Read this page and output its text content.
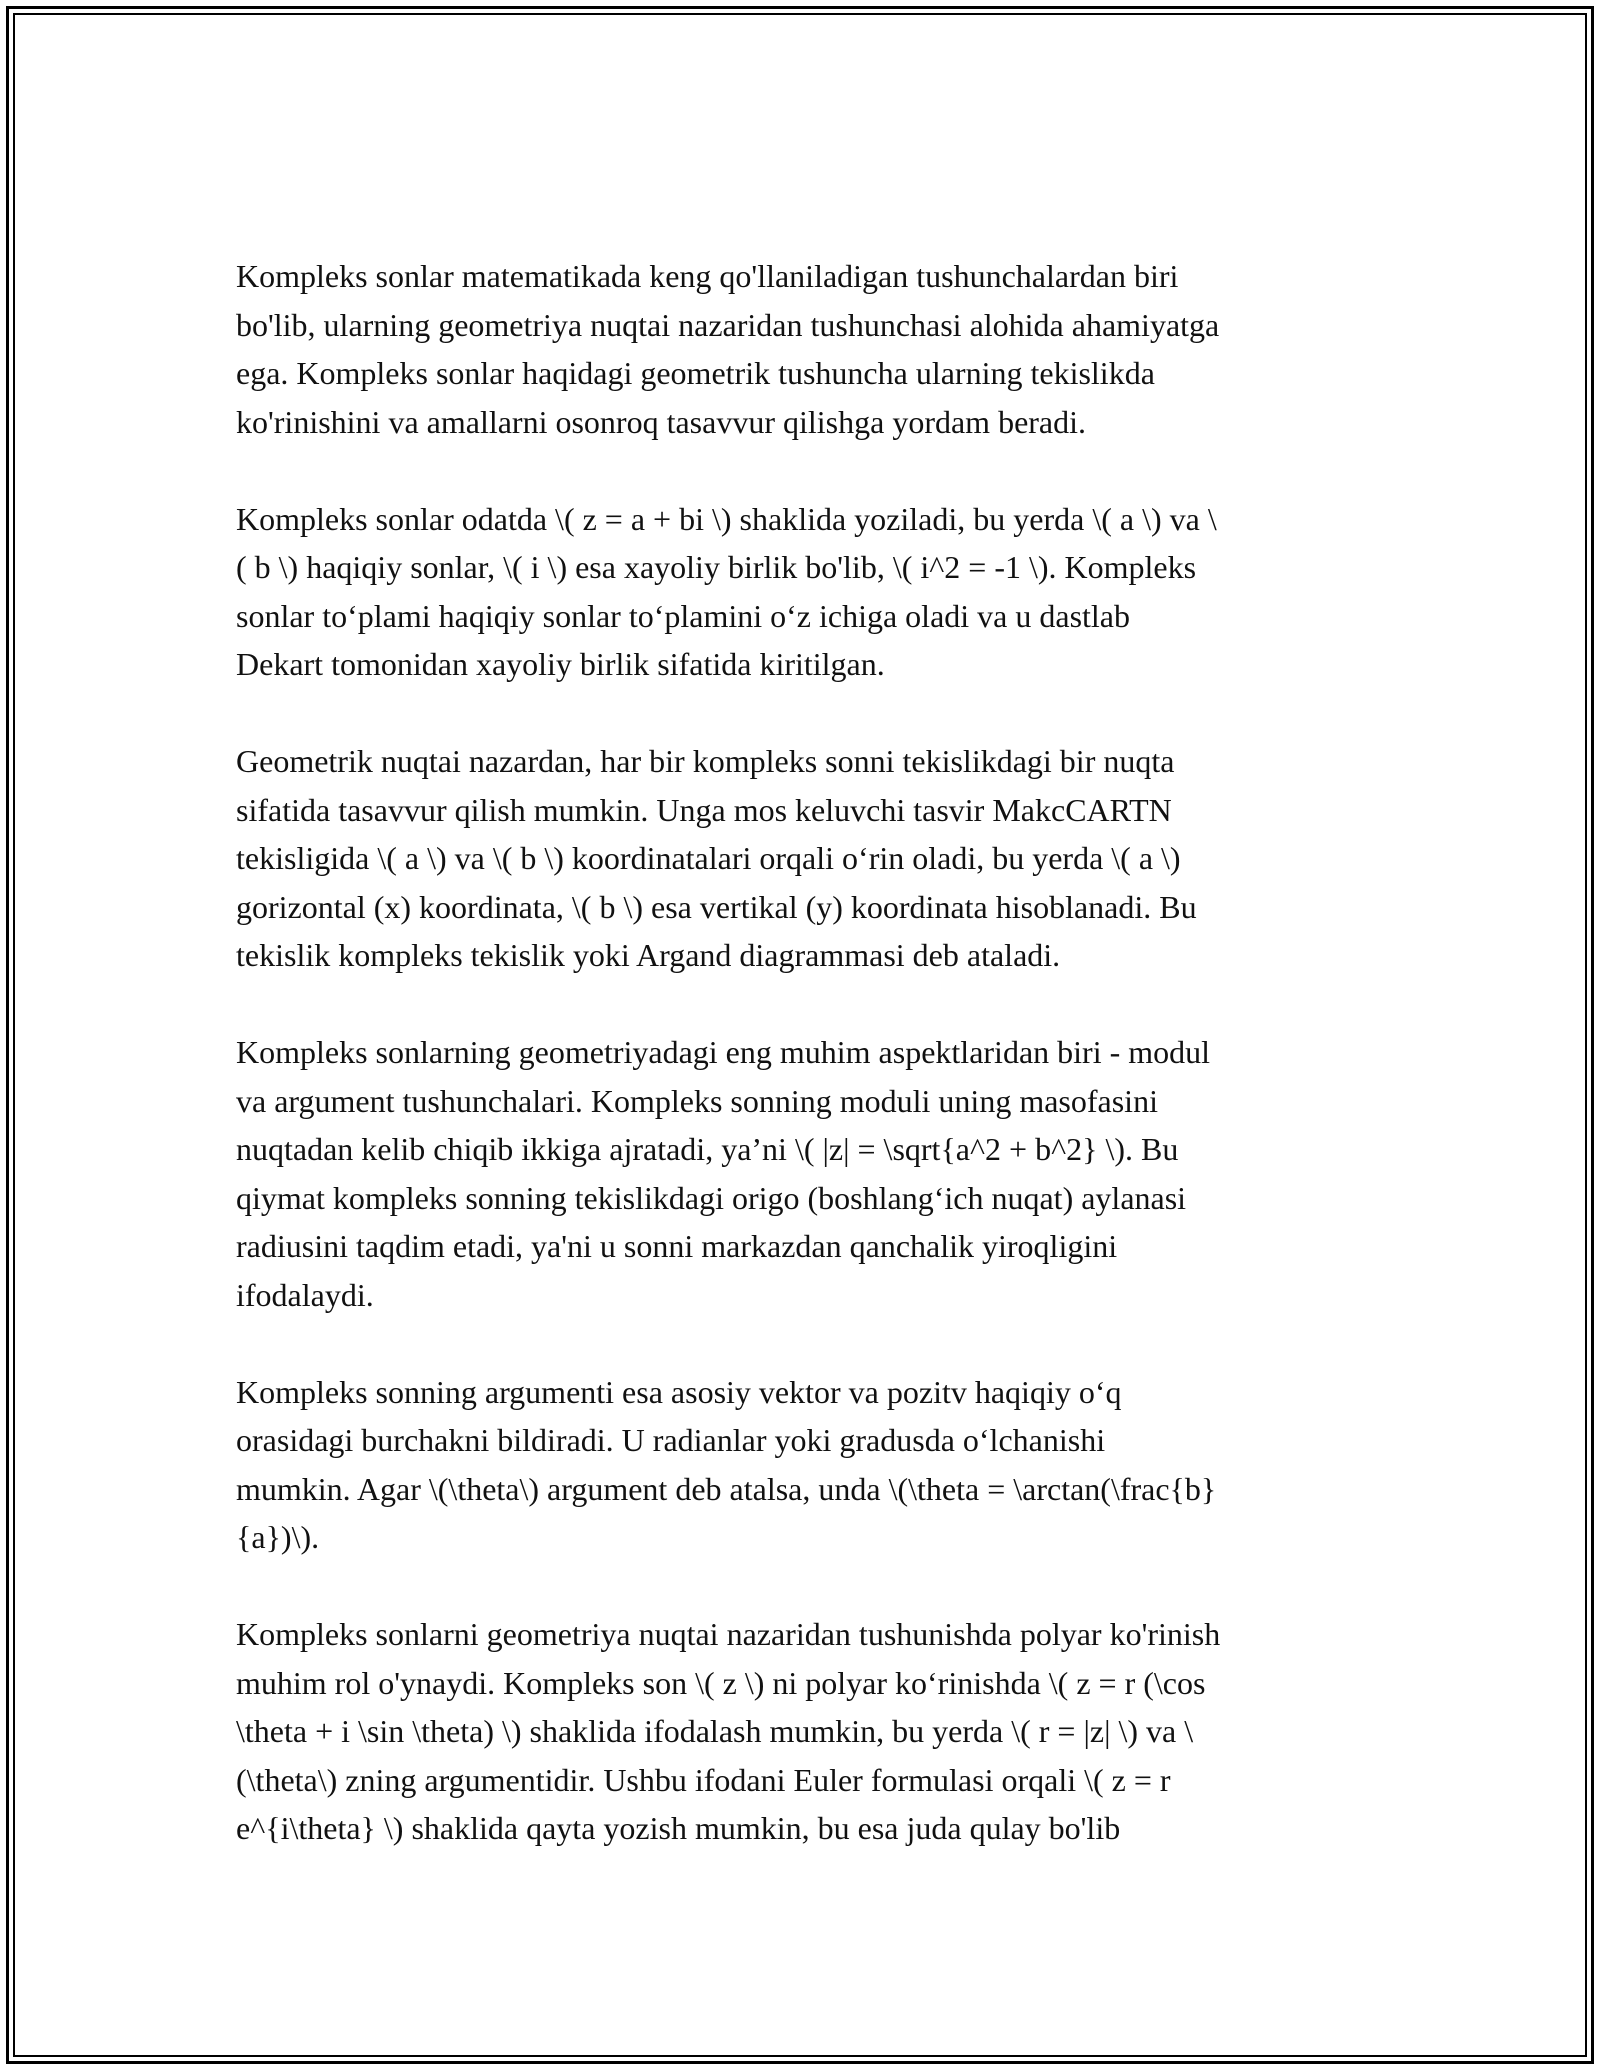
Kompleks sonlar matematikada keng qo'llaniladigan tushunchalardan biri
bo'lib, ularning geometriya nuqtai nazaridan tushunchasi alohida ahamiyatga
ega. Kompleks sonlar haqidagi geometrik tushuncha ularning tekislikda
ko'rinishini va amallarni osonroq tasavvur qilishga yordam beradi.

Kompleks sonlar odatda \( z = a + bi \) shaklida yoziladi, bu yerda \( a \) va \
( b \) haqiqiy sonlar, \( i \) esa xayoliy birlik bo'lib, \( i^2 = -1 \). Kompleks
sonlar to‘plami haqiqiy sonlar to‘plamini o‘z ichiga oladi va u dastlab
Dekart tomonidan xayoliy birlik sifatida kiritilgan.

Geometrik nuqtai nazardan, har bir kompleks sonni tekislikdagi bir nuqta
sifatida tasavvur qilish mumkin. Unga mos keluvchi tasvir MakcCARTN
tekisligida \( a \) va \( b \) koordinatalari orqali o‘rin oladi, bu yerda \( a \)
gorizontal (x) koordinata, \( b \) esa vertikal (y) koordinata hisoblanadi. Bu
tekislik kompleks tekislik yoki Argand diagrammasi deb ataladi.

Kompleks sonlarning geometriyadagi eng muhim aspektlaridan biri - modul
va argument tushunchalari. Kompleks sonning moduli uning masofasini
nuqtadan kelib chiqib ikkiga ajratadi, ya’ni \( |z| = \sqrt{a^2 + b^2} \). Bu
qiymat kompleks sonning tekislikdagi origo (boshlang‘ich nuqat) aylanasi
radiusini taqdim etadi, ya'ni u sonni markazdan qanchalik yiroqligini
ifodalaydi.

Kompleks sonning argumenti esa asosiy vektor va pozitv haqiqiy o‘q
orasidagi burchakni bildiradi. U radianlar yoki gradusda o‘lchanishi
mumkin. Agar \(\theta\) argument deb atalsa, unda \(\theta = \arctan(\frac{b}
{a})\).

Kompleks sonlarni geometriya nuqtai nazaridan tushunishda polyar ko'rinish
muhim rol o'ynaydi. Kompleks son \( z \) ni polyar ko‘rinishda \( z = r (\cos
\theta + i \sin \theta) \) shaklida ifodalash mumkin, bu yerda \( r = |z| \) va \
(\theta\) zning argumentidir. Ushbu ifodani Euler formulasi orqali \( z = r
e^{i\theta} \) shaklida qayta yozish mumkin, bu esa juda qulay bo'lib
